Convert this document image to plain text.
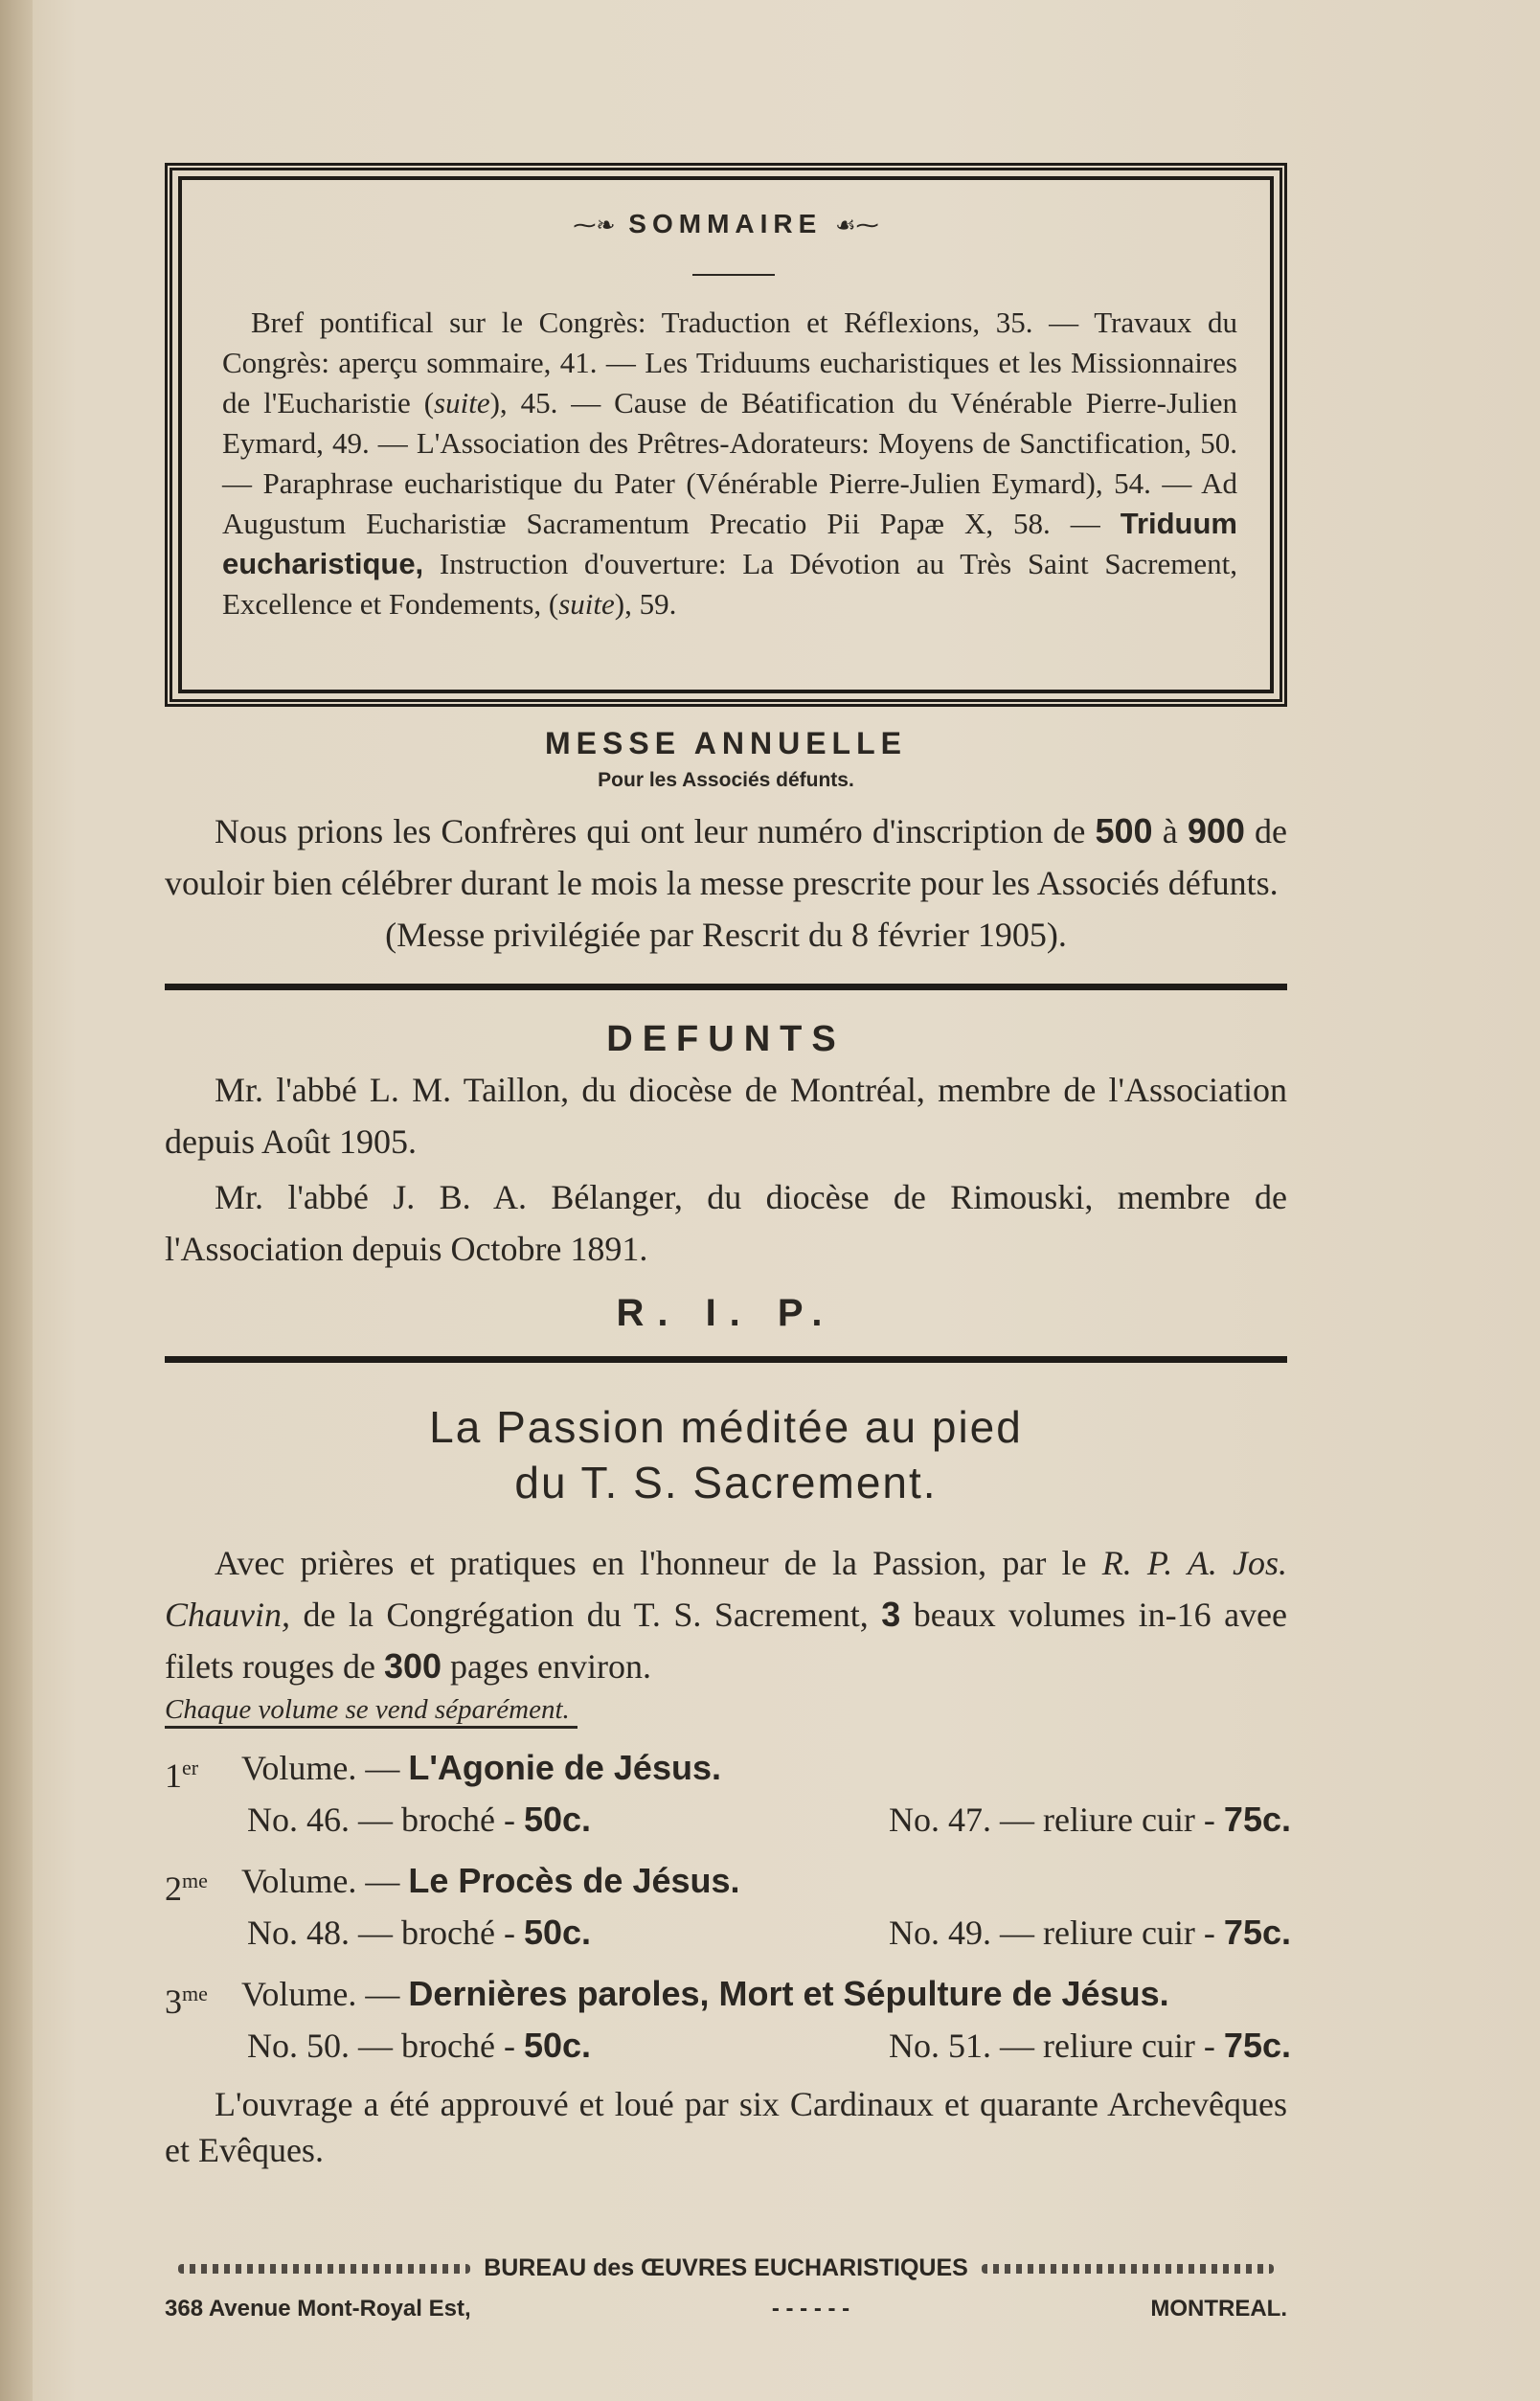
⁓❧ SOMMAIRE ☙⁓
Bref pontifical sur le Congrès: Traduction et Réflexions, 35. — Travaux du Congrès: aperçu sommaire, 41. — Les Triduums eucharistiques et les Missionnaires de l'Eucharistie (suite), 45. — Cause de Béatification du Vénérable Pierre-Julien Eymard, 49. — L'Association des Prêtres-Adorateurs: Moyens de Sanctification, 50. — Paraphrase eucharistique du Pater (Vénérable Pierre-Julien Eymard), 54. — Ad Augustum Eucharistiæ Sacramentum Precatio Pii Papæ X, 58. — Triduum eucharistique, Instruction d'ouverture: La Dévotion au Très Saint Sacrement, Excellence et Fondements, (suite), 59.
MESSE ANNUELLE
Pour les Associés défunts.
Nous prions les Confrères qui ont leur numéro d'inscription de 500 à 900 de vouloir bien célébrer durant le mois la messe prescrite pour les Associés défunts.
(Messe privilégiée par Rescrit du 8 février 1905).
DEFUNTS
Mr. l'abbé L. M. Taillon, du diocèse de Montréal, membre de l'Association depuis Août 1905.
Mr. l'abbé J. B. A. Bélanger, du diocèse de Rimouski, membre de l'Association depuis Octobre 1891.
R. I. P.
La Passion méditée au pied
du T. S. Sacrement.
Avec prières et pratiques en l'honneur de la Passion, par le R. P. A. Jos. Chauvin, de la Congrégation du T. S. Sacrement, 3 beaux volumes in-16 avee filets rouges de 300 pages environ.
Chaque volume se vend séparément.
1er	Volume. — L'Agonie de Jésus.
No. 46. — broché - 50c.	No. 47. — reliure cuir - 75c.
$2^{me}$ Volume. — Le Procès de Jésus.
No. 48. — broché - 50c.	No. 49. — reliure cuir - 75c.
$3^{me}$ Volume. — Dernières paroles, Mort et Sépulture de Jésus.
No. 50. — broché - 50c.	No. 51. — reliure cuir - 75c.
L'ouvrage a été approuvé et loué par six Cardinaux et quarante Archevêques et Evêques.
BUREAU des ŒUVRES EUCHARISTIQUES
368 Avenue Mont-Royal Est,	- - - - - -	MONTREAL.
